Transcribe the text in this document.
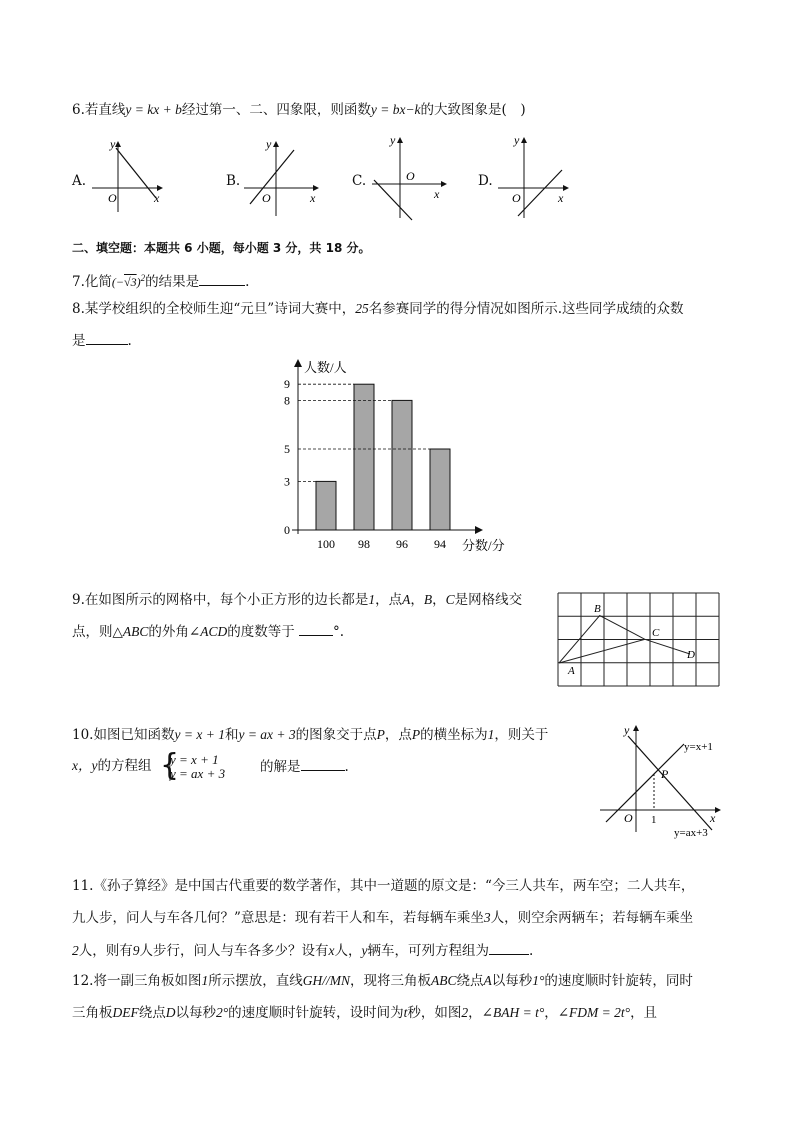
6.若直线y = kx + b经过第一、二、四象限，则函数y = bx−k的大致图象是(　)
A.	B.	C.	D.
y
x
O
y
x
O
y
x
O
y
x
O
二、填空题：本题共 6 小题，每小题 3 分，共 18 分。
7.化简$(-√3)^2$的结果是	.
8.某学校组织的全校师生迎“元旦”诗词大赛中，25名参赛同学的得分情况如图所示.这些同学成绩的众数
是	.
人数/人
分数/分
0
3
5
8
9
100 98 96 94
9.在如图所示的网格中，每个小正方形的边长都是1，点A，B，C是网格线交
点，则△ABC的外角∠ACD的度数等于	°.
A
B
C
D
10.如图已知函数y = x + 1和y = ax + 3的图象交于点P，点P的横坐标为1，则关于
x，y的方程组 {
y = x + 1
y = ax + 3	的解是	.
y
x
O 1
P
y=x+1
y=ax+3
11.《孙子算经》是中国古代重要的数学著作，其中一道题的原文是：“今三人共车，两车空；二人共车，
九人步，问人与车各几何？”意思是：现有若干人和车，若每辆车乘坐3人，则空余两辆车；若每辆车乘坐
2人，则有9人步行，问人与车各多少？设有x人，y辆车，可列方程组为	.
12.将一副三角板如图1所示摆放，直线GH//MN，现将三角板ABC绕点A以每秒1°的速度顺时针旋转，同时
三角板DEF绕点D以每秒2°的速度顺时针旋转，设时间为t秒，如图2，∠BAH = t°，∠FDM = 2t°，且
